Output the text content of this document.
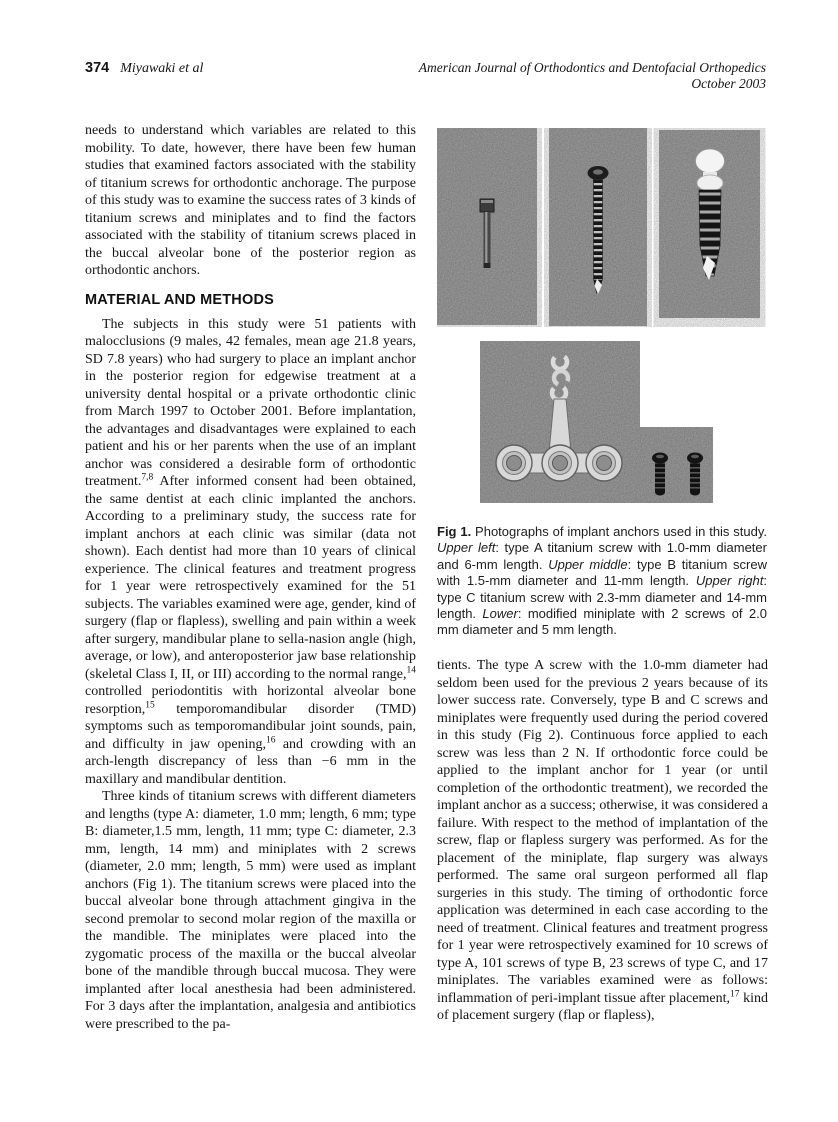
374 Miyawaki et al	American Journal of Orthodontics and Dentofacial Orthopedics
October 2003

needs to understand which variables are related to this mobility. To date, however, there have been few human studies that examined factors associated with the stability of titanium screws for orthodontic anchorage. The purpose of this study was to examine the success rates of 3 kinds of titanium screws and miniplates and to find the factors associated with the stability of titanium screws placed in the buccal alveolar bone of the posterior region as orthodontic anchors.

MATERIAL AND METHODS

The subjects in this study were 51 patients with malocclusions (9 males, 42 females, mean age 21.8 years, SD 7.8 years) who had surgery to place an implant anchor in the posterior region for edgewise treatment at a university dental hospital or a private orthodontic clinic from March 1997 to October 2001. Before implantation, the advantages and disadvantages were explained to each patient and his or her parents when the use of an implant anchor was considered a desirable form of orthodontic treatment.$^{7,8}$ After informed consent had been obtained, the same dentist at each clinic implanted the anchors. According to a preliminary study, the success rate for implant anchors at each clinic was similar (data not shown). Each dentist had more than 10 years of clinical experience. The clinical features and treatment progress for 1 year were retrospectively examined for the 51 subjects. The variables examined were age, gender, kind of surgery (flap or flapless), swelling and pain within a week after surgery, mandibular plane to sella-nasion angle (high, average, or low), and anteroposterior jaw base relationship (skeletal Class I, II, or III) according to the normal range,$^{14}$ controlled periodontitis with horizontal alveolar bone resorption,$^{15}$ temporomandibular disorder (TMD) symptoms such as temporomandibular joint sounds, pain, and difficulty in jaw opening,$^{16}$ and crowding with an arch-length discrepancy of less than −6 mm in the maxillary and mandibular dentition.

Three kinds of titanium screws with different diameters and lengths (type A: diameter, 1.0 mm; length, 6 mm; type B: diameter,1.5 mm, length, 11 mm; type C: diameter, 2.3 mm, length, 14 mm) and miniplates with 2 screws (diameter, 2.0 mm; length, 5 mm) were used as implant anchors (Fig 1). The titanium screws were placed into the buccal alveolar bone through attachment gingiva in the second premolar to second molar region of the maxilla or the mandible. The miniplates were placed into the zygomatic process of the maxilla or the buccal alveolar bone of the mandible through buccal mucosa. They were implanted after local anesthesia had been administered. For 3 days after the implantation, analgesia and antibiotics were prescribed to the pa-

Fig 1. Photographs of implant anchors used in this study. Upper left: type A titanium screw with 1.0-mm diameter and 6-mm length. Upper middle: type B titanium screw with 1.5-mm diameter and 11-mm length. Upper right: type C titanium screw with 2.3-mm diameter and 14-mm length. Lower: modified miniplate with 2 screws of 2.0 mm diameter and 5 mm length.

tients. The type A screw with the 1.0-mm diameter had seldom been used for the previous 2 years because of its lower success rate. Conversely, type B and C screws and miniplates were frequently used during the period covered in this study (Fig 2). Continuous force applied to each screw was less than 2 N. If orthodontic force could be applied to the implant anchor for 1 year (or until completion of the orthodontic treatment), we recorded the implant anchor as a success; otherwise, it was considered a failure. With respect to the method of implantation of the screw, flap or flapless surgery was performed. As for the placement of the miniplate, flap surgery was always performed. The same oral surgeon performed all flap surgeries in this study. The timing of orthodontic force application was determined in each case according to the need of treatment. Clinical features and treatment progress for 1 year were retrospectively examined for 10 screws of type A, 101 screws of type B, 23 screws of type C, and 17 miniplates. The variables examined were as follows: inflammation of peri-implant tissue after placement,$^{17}$ kind of placement surgery (flap or flapless),
